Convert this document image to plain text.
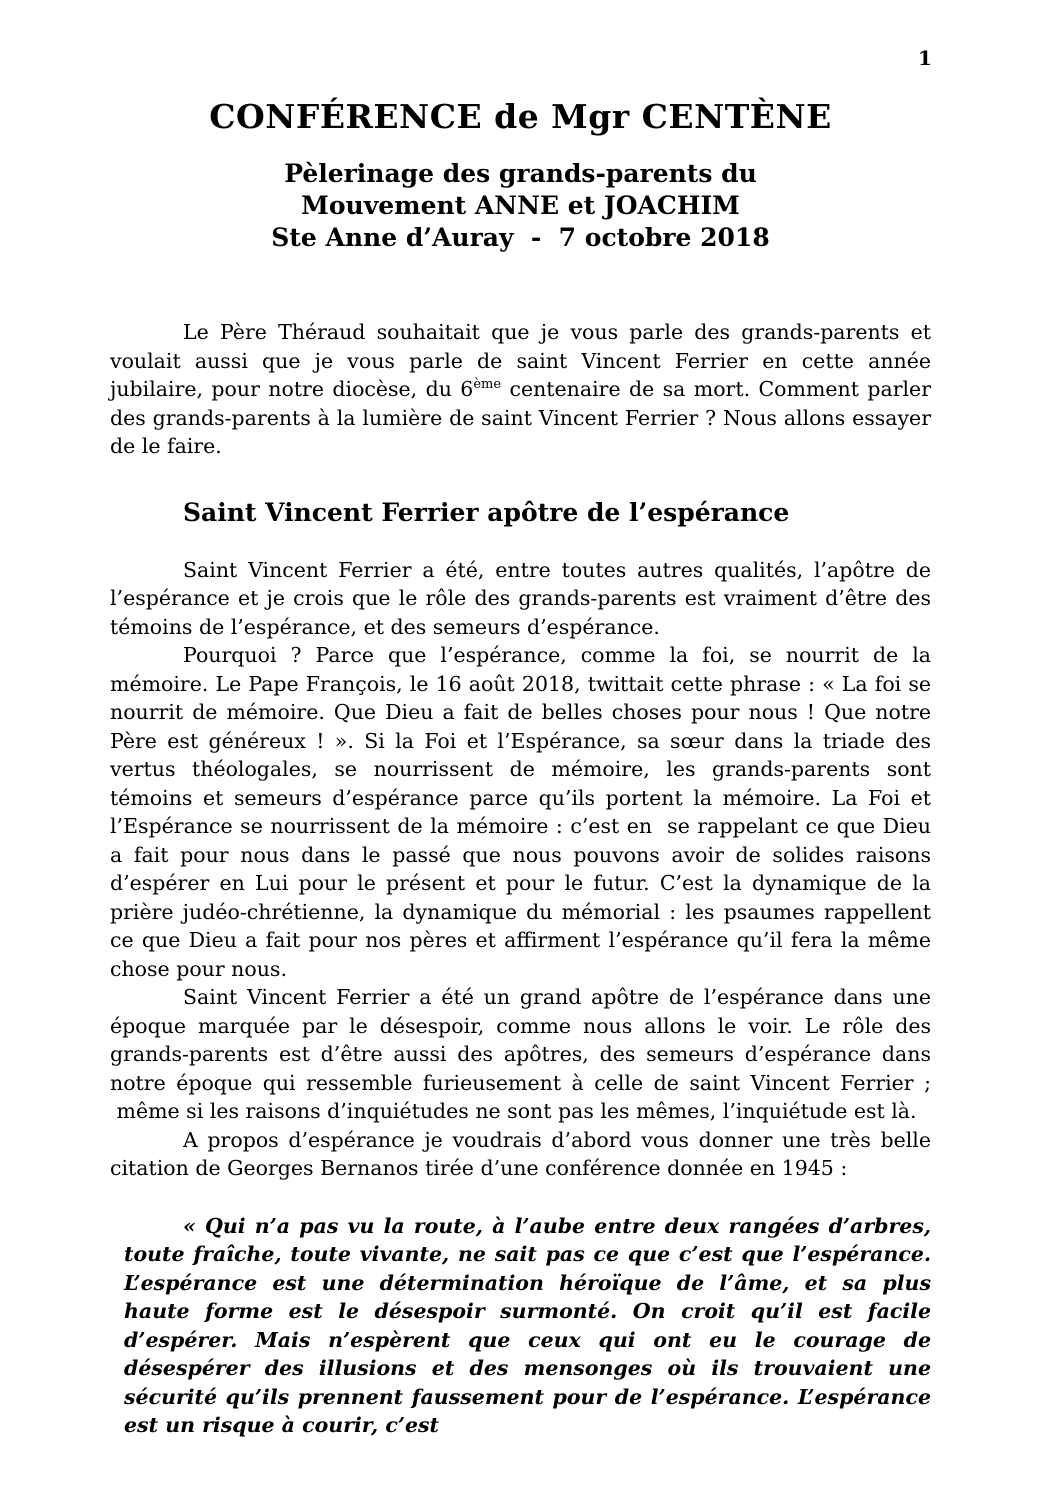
1
CONFÉRENCE de Mgr CENTÈNE
Pèlerinage des grands-parents du
Mouvement ANNE et JOACHIM
Ste Anne d’Auray  -  7 octobre 2018

Le Père Théraud souhaitait que je vous parle des grands-parents et voulait aussi que je vous parle de saint Vincent Ferrier en cette année jubilaire, pour notre diocèse, du 6ème centenaire de sa mort. Comment parler des grands-parents à la lumière de saint Vincent Ferrier ? Nous allons essayer de le faire.

Saint Vincent Ferrier apôtre de l’espérance

Saint Vincent Ferrier a été, entre toutes autres qualités, l’apôtre de l’espérance et je crois que le rôle des grands-parents est vraiment d’être des témoins de l’espérance, et des semeurs d’espérance.

Pourquoi ? Parce que l’espérance, comme la foi, se nourrit de la mémoire. Le Pape François, le 16 août 2018, twittait cette phrase : « La foi se nourrit de mémoire. Que Dieu a fait de belles choses pour nous ! Que notre Père est généreux ! ». Si la Foi et l’Espérance, sa sœur dans la triade des vertus théologales, se nourrissent de mémoire, les grands-parents sont témoins et semeurs d’espérance parce qu’ils portent la mémoire. La Foi et l’Espérance se nourrissent de la mémoire : c’est en  se rappelant ce que Dieu a fait pour nous dans le passé que nous pouvons avoir de solides raisons d’espérer en Lui pour le présent et pour le futur. C’est la dynamique de la prière judéo-chrétienne, la dynamique du mémorial : les psaumes rappellent ce que Dieu a fait pour nos pères et affirment l’espérance qu’il fera la même chose pour nous.

Saint Vincent Ferrier a été un grand apôtre de l’espérance dans une époque marquée par le désespoir, comme nous allons le voir. Le rôle des grands-parents est d’être aussi des apôtres, des semeurs d’espérance dans notre époque qui ressemble furieusement à celle de saint Vincent Ferrier ;  même si les raisons d’inquiétudes ne sont pas les mêmes, l’inquiétude est là.

A propos d’espérance je voudrais d’abord vous donner une très belle citation de Georges Bernanos tirée d’une conférence donnée en 1945 :

« Qui n’a pas vu la route, à l’aube entre deux rangées d’arbres, toute fraîche, toute vivante, ne sait pas ce que c’est que l’espérance. L’espérance est une détermination héroïque de l’âme, et sa plus haute forme est le désespoir surmonté. On croit qu’il est facile d’espérer. Mais n’espèrent que ceux qui ont eu le courage de désespérer des illusions et des mensonges où ils trouvaient une sécurité qu’ils prennent faussement pour de l’espérance. L’espérance est un risque à courir, c’est
